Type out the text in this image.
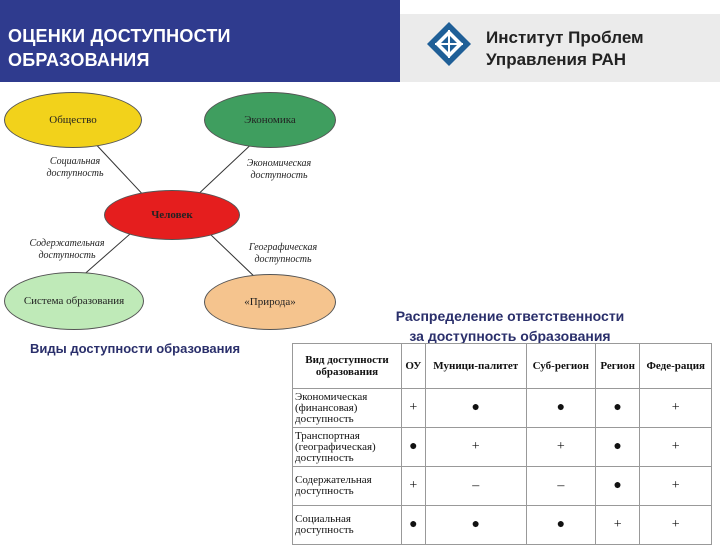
ОЦЕНКИ ДОСТУПНОСТИ
ОБРАЗОВАНИЯ
Институт Проблем
Управления РАН
Общество	Экономика
Человек
Система образования	«Природа»
Социальная доступность
Экономическая доступность
Содержательная доступность
Географическая доступность
Виды доступности образования
Распределение ответственности
за доступность образования
Вид доступности образования	ОУ	Муници-палитет	Суб-регион	Регион	Феде-рация
Экономическая (финансовая) доступность	+	●	●	●	+
Транспортная (географическая) доступность	●	+	+	●	+
Содержательная доступность	+	–	–	●	+
Социальная доступность	●	●	●	+	+
